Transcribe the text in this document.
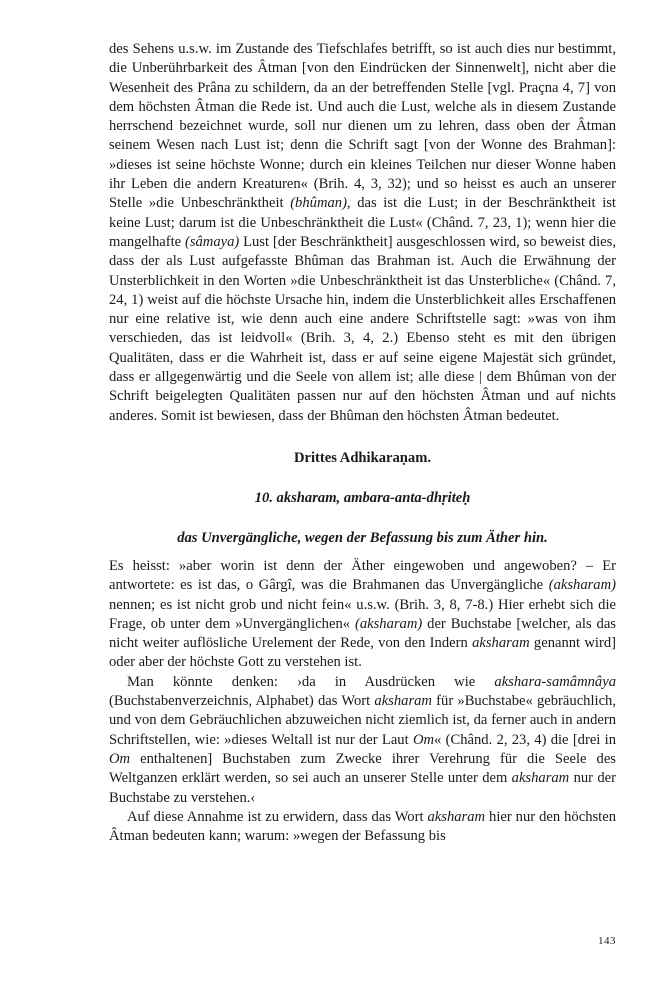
des Sehens u.s.w. im Zustande des Tiefschlafes betrifft, so ist auch dies nur bestimmt, die Unberührbarkeit des Âtman [von den Eindrücken der Sinnenwelt], nicht aber die Wesenheit des Prâna zu schildern, da an der betreffenden Stelle [vgl. Praçna 4, 7] von dem höchsten Âtman die Rede ist. Und auch die Lust, welche als in diesem Zustande herrschend bezeichnet wurde, soll nur dienen um zu lehren, dass oben der Âtman seinem Wesen nach Lust ist; denn die Schrift sagt [von der Wonne des Brahman]: »dieses ist seine höchste Wonne; durch ein kleines Teilchen nur dieser Wonne haben ihr Leben die andern Kreaturen« (Brih. 4, 3, 32); und so heisst es auch an unserer Stelle »die Unbeschränktheit (bhûman), das ist die Lust; in der Beschränktheit ist keine Lust; darum ist die Unbeschränktheit die Lust« (Chând. 7, 23, 1); wenn hier die mangelhafte (sâmaya) Lust [der Beschränktheit] ausgeschlossen wird, so beweist dies, dass der als Lust aufgefasste Bhûman das Brahman ist. Auch die Erwähnung der Unsterblichkeit in den Worten »die Unbeschränktheit ist das Unsterbliche« (Chând. 7, 24, 1) weist auf die höchste Ursache hin, indem die Unsterblichkeit alles Erschaffenen nur eine relative ist, wie denn auch eine andere Schriftstelle sagt: »was von ihm verschieden, das ist leidvoll« (Brih. 3, 4, 2.) Ebenso steht es mit den übrigen Qualitäten, dass er die Wahrheit ist, dass er auf seine eigene Majestät sich gründet, dass er allgegenwärtig und die Seele von allem ist; alle diese | dem Bhûman von der Schrift beigelegten Qualitäten passen nur auf den höchsten Âtman und auf nichts anderes. Somit ist bewiesen, dass der Bhûman den höchsten Âtman bedeutet.

Drittes Adhikaraṇam.
10. aksharam, ambara-anta-dhṛiteḥ
das Unvergängliche, wegen der Befassung bis zum Äther hin.

Es heisst: »aber worin ist denn der Äther eingewoben und angewoben? – Er antwortete: es ist das, o Gârgî, was die Brahmanen das Unvergängliche (aksharam) nennen; es ist nicht grob und nicht fein« u.s.w. (Brih. 3, 8, 7-8.) Hier erhebt sich die Frage, ob unter dem »Unvergänglichen« (aksharam) der Buchstabe [welcher, als das nicht weiter auflösliche Urelement der Rede, von den Indern aksharam genannt wird] oder aber der höchste Gott zu verstehen ist.

Man könnte denken: ›da in Ausdrücken wie akshara-samâmnâya (Buchstabenverzeichnis, Alphabet) das Wort aksharam für »Buchstabe« gebräuchlich, und von dem Gebräuchlichen abzuweichen nicht ziemlich ist, da ferner auch in andern Schriftstellen, wie: »dieses Weltall ist nur der Laut Om« (Chând. 2, 23, 4) die [drei in Om enthaltenen] Buchstaben zum Zwecke ihrer Verehrung für die Seele des Weltganzen erklärt werden, so sei auch an unserer Stelle unter dem aksharam nur der Buchstabe zu verstehen.‹

Auf diese Annahme ist zu erwidern, dass das Wort aksharam hier nur den höchsten Âtman bedeuten kann; warum: »wegen der Befassung bis

143
